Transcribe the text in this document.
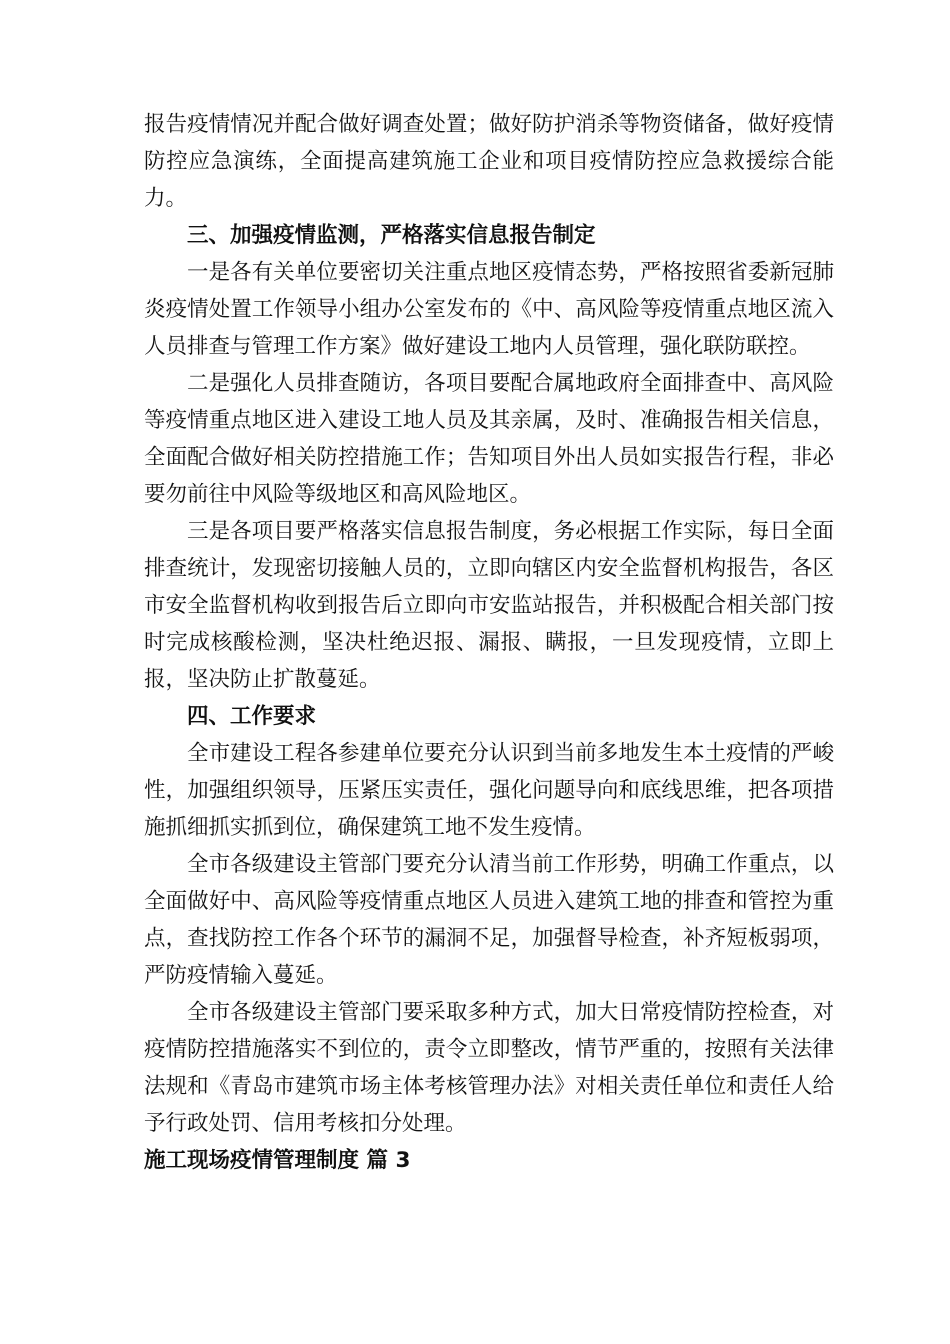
报告疫情情况并配合做好调查处置；做好防护消杀等物资储备，做好疫情防控应急演练，全面提高建筑施工企业和项目疫情防控应急救援综合能力。

三、加强疫情监测，严格落实信息报告制定

一是各有关单位要密切关注重点地区疫情态势，严格按照省委新冠肺炎疫情处置工作领导小组办公室发布的《中、高风险等疫情重点地区流入人员排查与管理工作方案》做好建设工地内人员管理，强化联防联控。

二是强化人员排查随访，各项目要配合属地政府全面排查中、高风险等疫情重点地区进入建设工地人员及其亲属，及时、准确报告相关信息，全面配合做好相关防控措施工作；告知项目外出人员如实报告行程，非必要勿前往中风险等级地区和高风险地区。

三是各项目要严格落实信息报告制度，务必根据工作实际，每日全面排查统计，发现密切接触人员的，立即向辖区内安全监督机构报告，各区市安全监督机构收到报告后立即向市安监站报告，并积极配合相关部门按时完成核酸检测，坚决杜绝迟报、漏报、瞒报，一旦发现疫情，立即上报，坚决防止扩散蔓延。

四、工作要求

全市建设工程各参建单位要充分认识到当前多地发生本土疫情的严峻性，加强组织领导，压紧压实责任，强化问题导向和底线思维，把各项措施抓细抓实抓到位，确保建筑工地不发生疫情。

全市各级建设主管部门要充分认清当前工作形势，明确工作重点，以全面做好中、高风险等疫情重点地区人员进入建筑工地的排查和管控为重点，查找防控工作各个环节的漏洞不足，加强督导检查，补齐短板弱项，严防疫情输入蔓延。

全市各级建设主管部门要采取多种方式，加大日常疫情防控检查，对疫情防控措施落实不到位的，责令立即整改，情节严重的，按照有关法律法规和《青岛市建筑市场主体考核管理办法》对相关责任单位和责任人给予行政处罚、信用考核扣分处理。

施工现场疫情管理制度 篇 3
